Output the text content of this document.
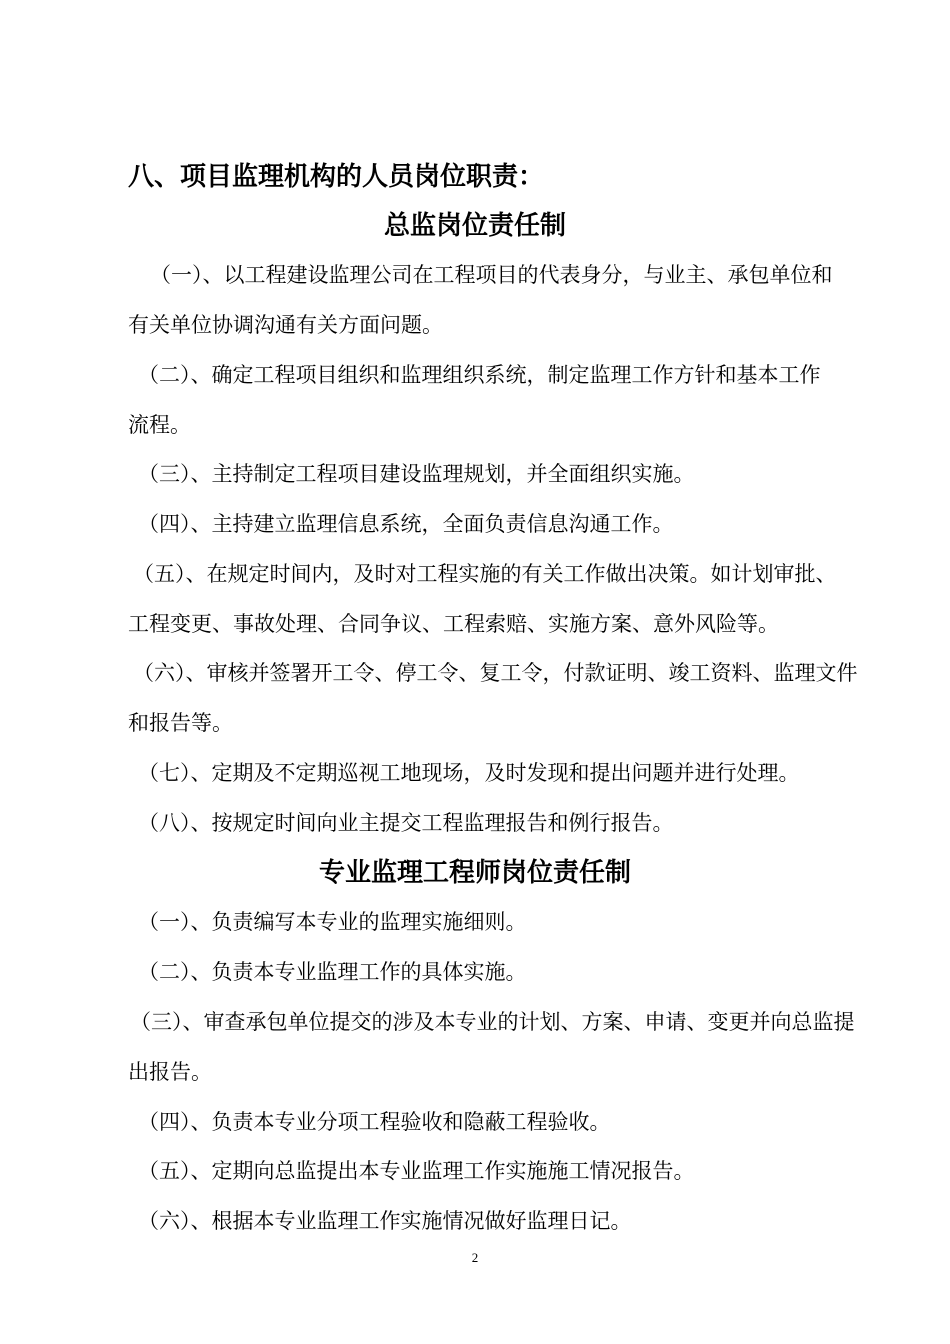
八、项目监理机构的人员岗位职责：
总监岗位责任制
（一）、以工程建设监理公司在工程项目的代表身分，与业主、承包单位和
有关单位协调沟通有关方面问题。
（二）、确定工程项目组织和监理组织系统，制定监理工作方针和基本工作
流程。
（三）、主持制定工程项目建设监理规划，并全面组织实施。
（四）、主持建立监理信息系统，全面负责信息沟通工作。
（五）、在规定时间内，及时对工程实施的有关工作做出决策。如计划审批、
工程变更、事故处理、合同争议、工程索赔、实施方案、意外风险等。
（六）、审核并签署开工令、停工令、复工令，付款证明、竣工资料、监理文件
和报告等。
（七）、定期及不定期巡视工地现场，及时发现和提出问题并进行处理。
（八）、按规定时间向业主提交工程监理报告和例行报告。
专业监理工程师岗位责任制
（一）、负责编写本专业的监理实施细则。
（二）、负责本专业监理工作的具体实施。
（三）、审查承包单位提交的涉及本专业的计划、方案、申请、变更并向总监提
出报告。
（四）、负责本专业分项工程验收和隐蔽工程验收。
（五）、定期向总监提出本专业监理工作实施施工情况报告。
（六）、根据本专业监理工作实施情况做好监理日记。
2
